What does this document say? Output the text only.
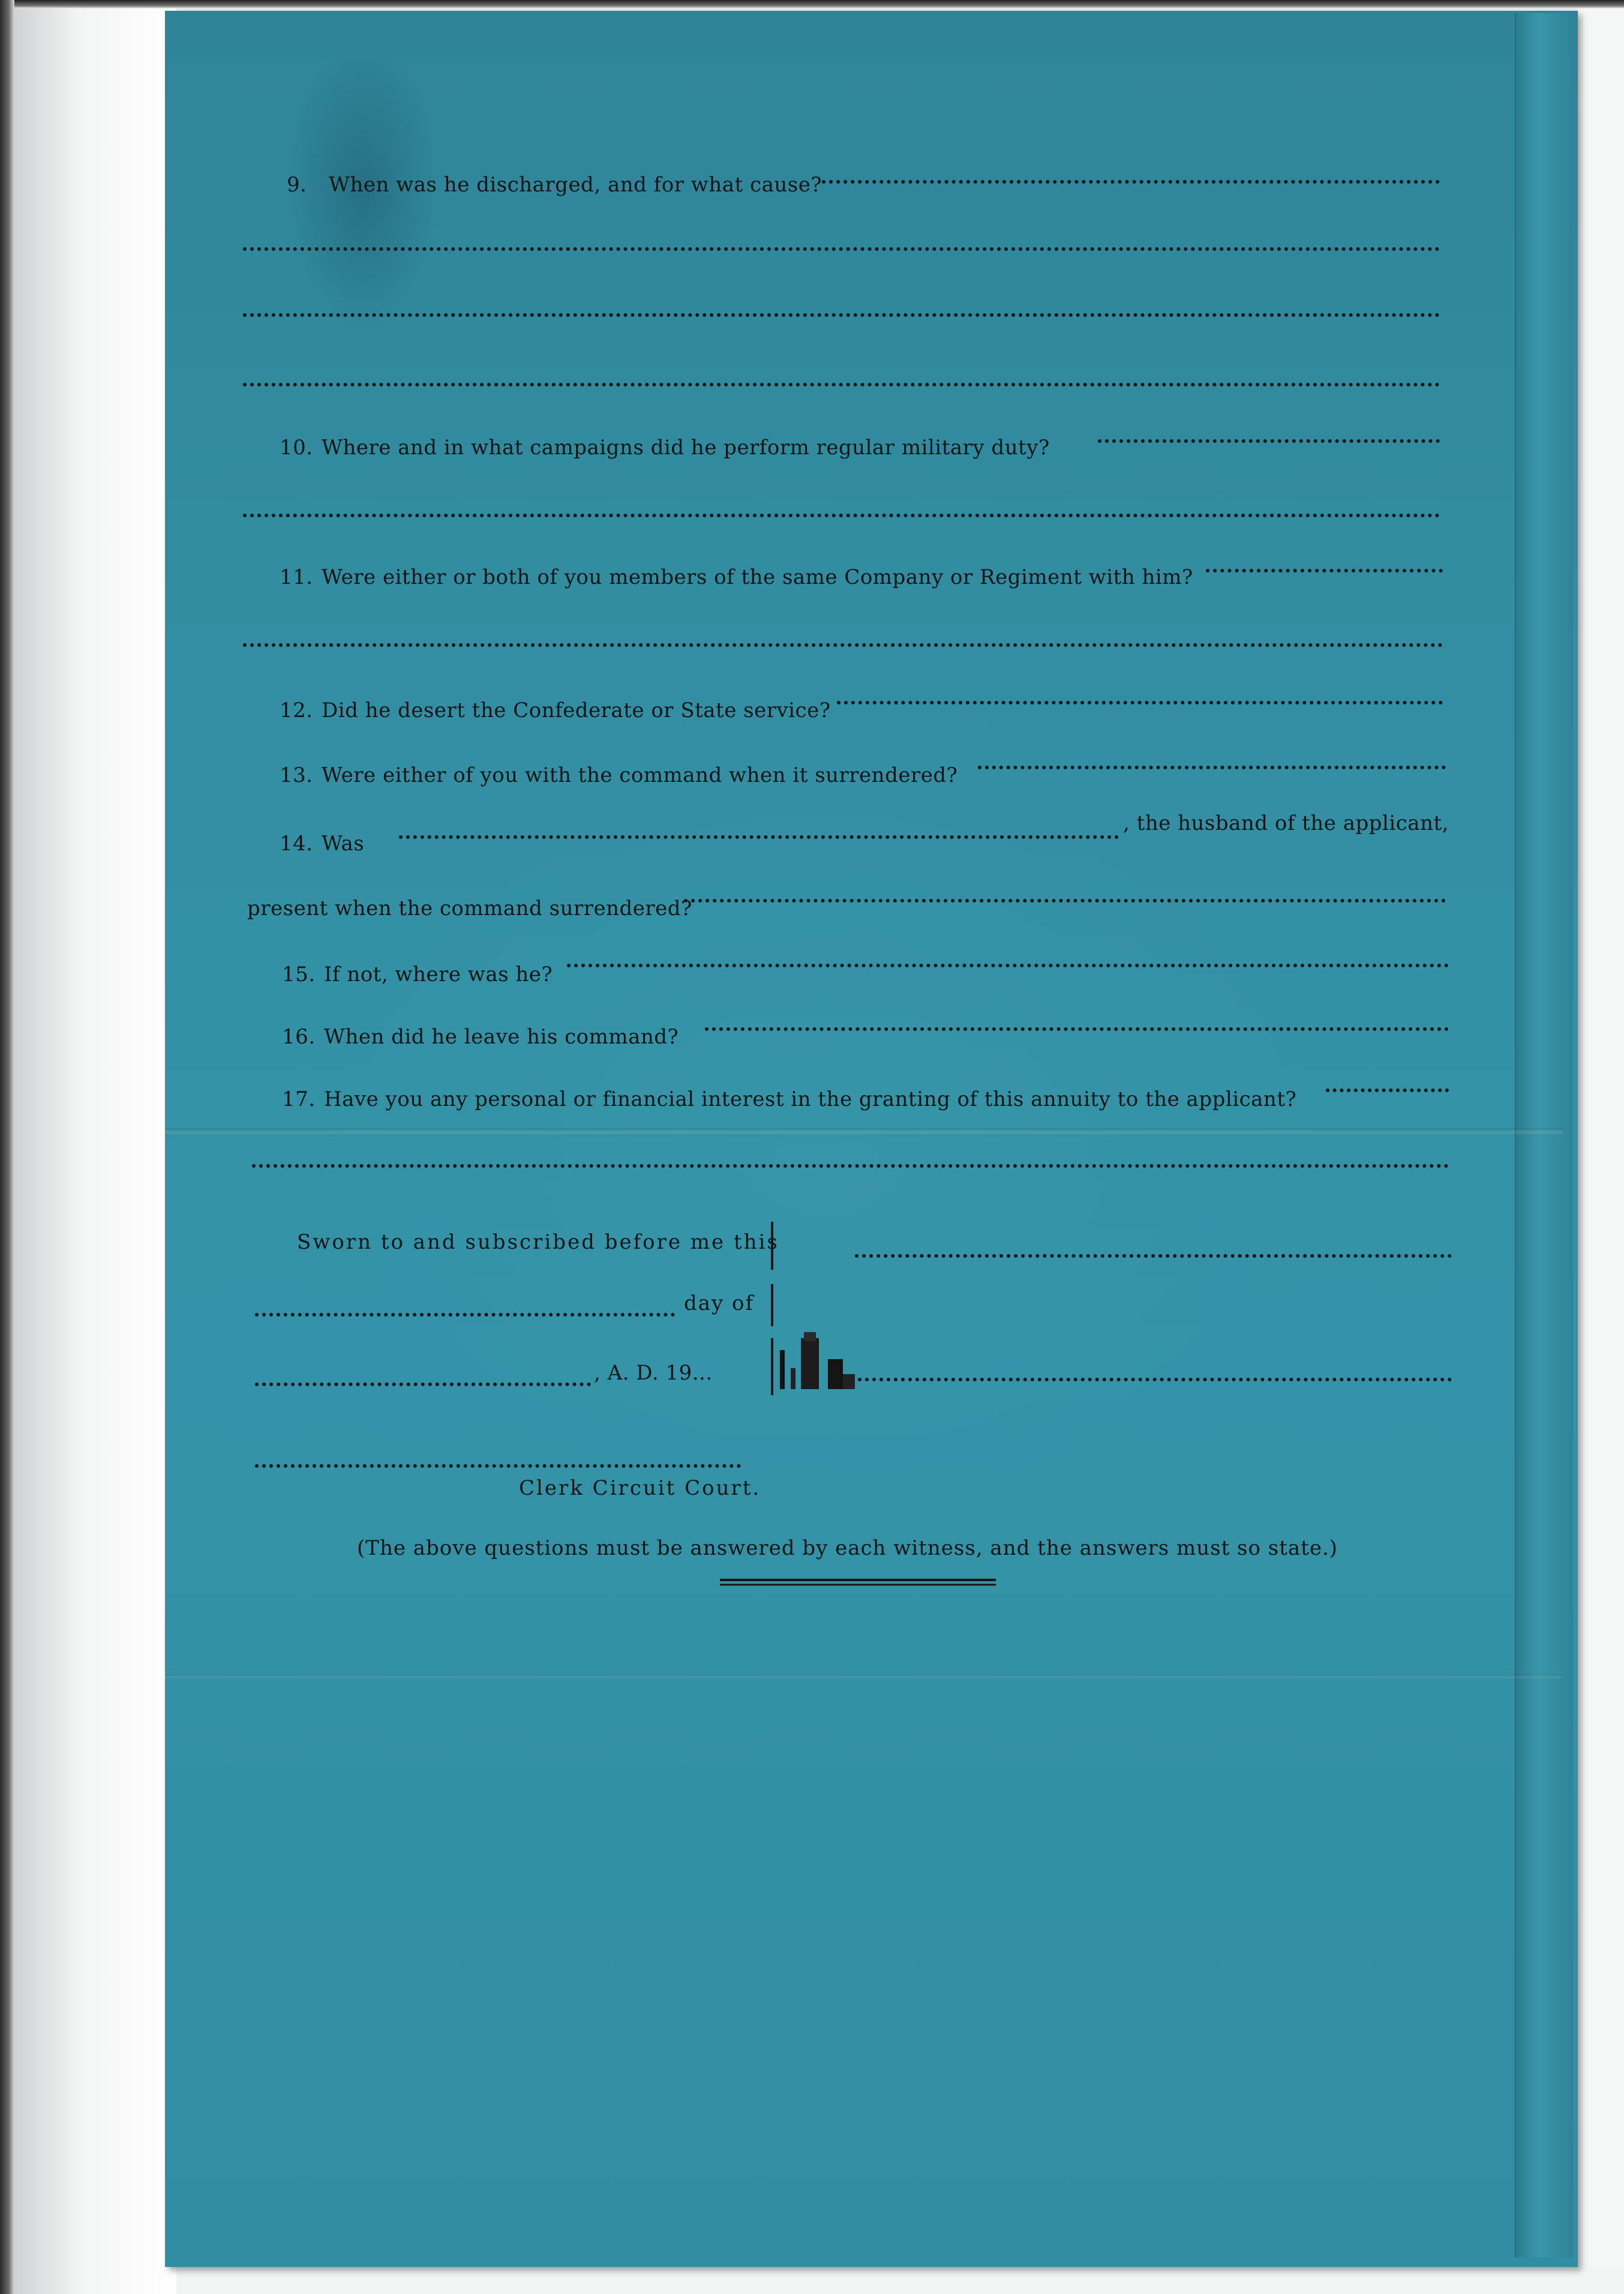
9. When was he discharged, and for what cause?
10. Where and in what campaigns did he perform regular military duty?
11. Were either or both of you members of the same Company or Regiment with him?
12. Did he desert the Confederate or State service?
13. Were either of you with the command when it surrendered?
14. Was
, the husband of the applicant,
present when the command surrendered?
15. If not, where was he?
16. When did he leave his command?
17. Have you any personal or financial interest in the granting of this annuity to the applicant?
Sworn to and subscribed before me this
day of
, A. D. 19...
Clerk Circuit Court.
(The above questions must be answered by each witness, and the answers must so state.)
